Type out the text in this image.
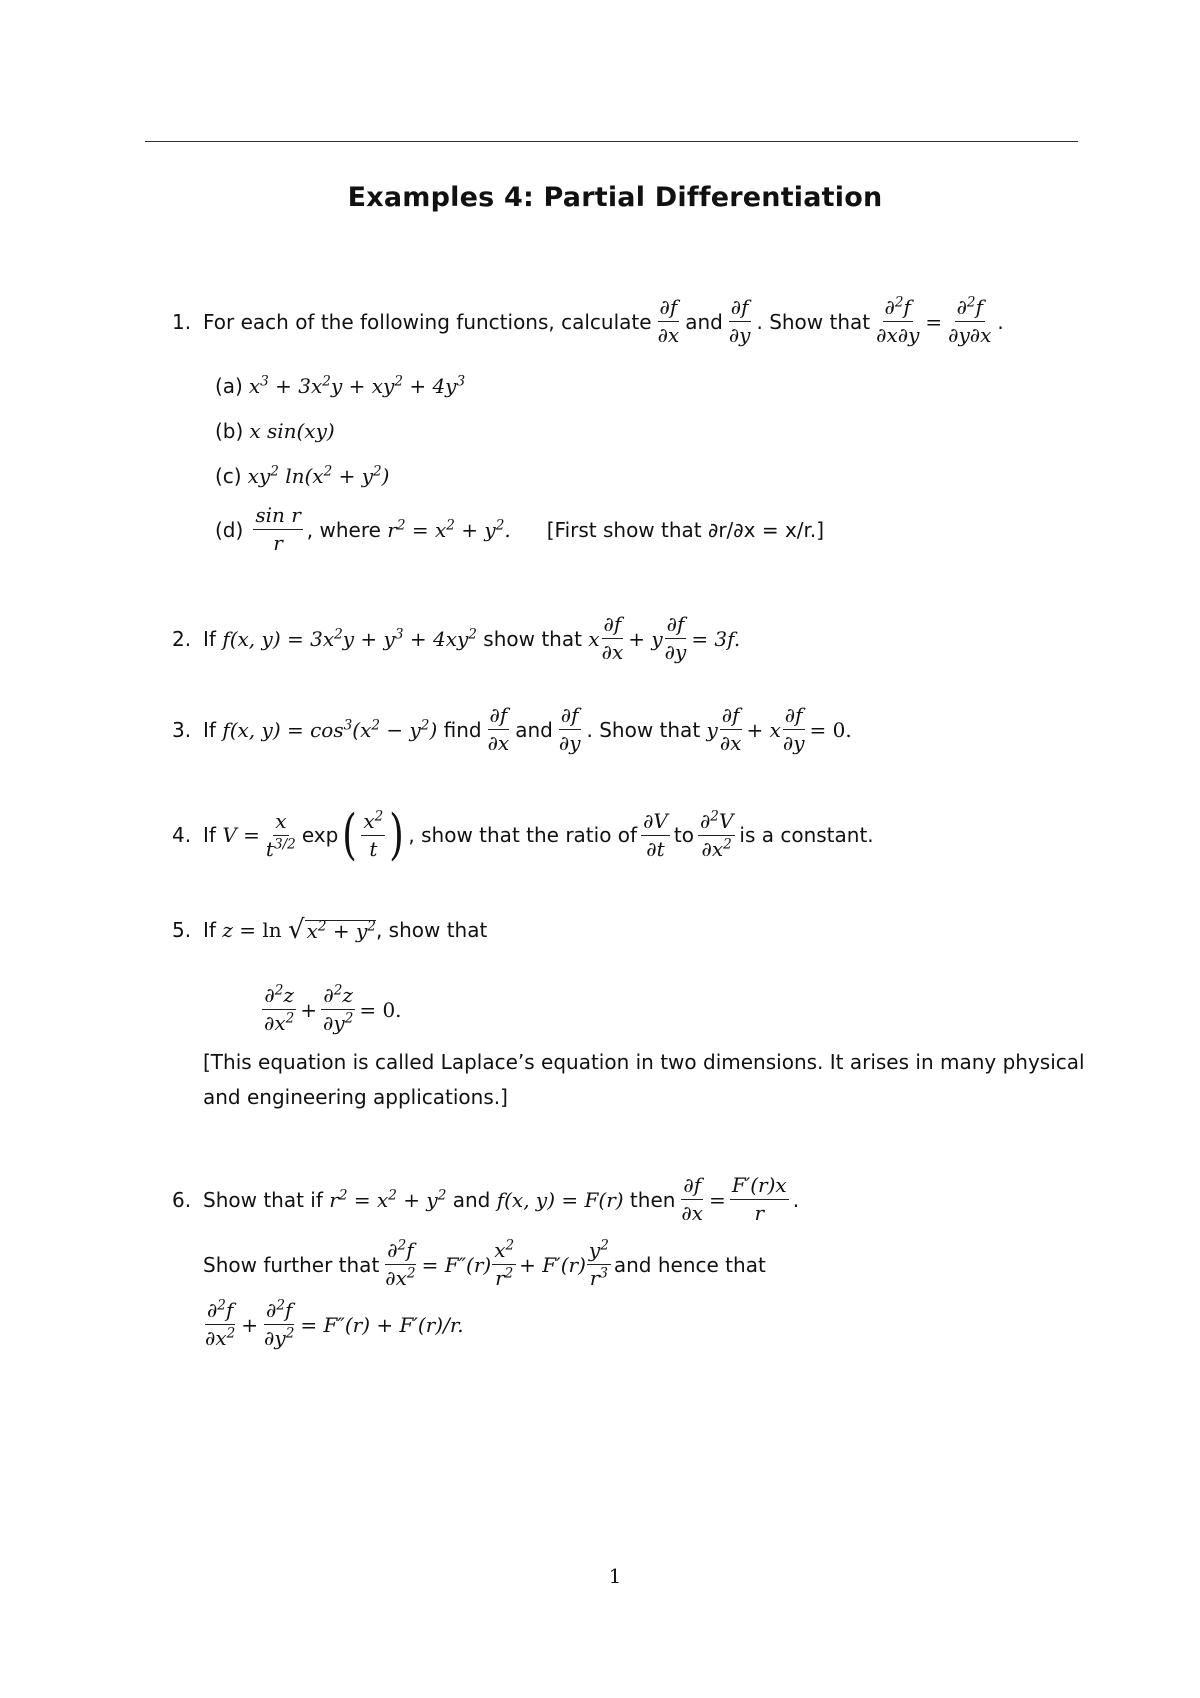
Examples 4: Partial Differentiation
1. For each of the following functions, calculate $\frac{\partial f}{\partial x}$ and $\frac{\partial f}{\partial y}$ . Show that $\frac{\partial^2f}{\partial x\partial y} = \frac{\partial^2f}{\partial y\partial x}$ .
(a) $x^3 + 3x^2y + xy^2 + 4y^3$
(b) x sin(xy)
(c) $xy^2$ $\ln(x^2 + y^2)$
$(d) \frac{\text{sin r}}{r}$ , where
$r^2 = x^2 + y^2$. [First show that ∂r/∂x = x/r.]
2. If
f(x, $y) = 3x^2y + y^3 + 4xy^2$
show that
x $\frac{\partial f}{\partial x}$ +
y $\frac{\partial f}{\partial y} = 3f$.
3. If
f(x, $y) = \cos^3(x^2 - y^2)$
find $\frac{\partial f}{\partial x}$ and $\frac{\partial f}{\partial y}$ . Show that
y $\frac{\partial f}{\partial x}$ +
x $\frac{\partial f}{\partial y} = 0$.
4. If
V
= $\frac{x}{t^{3/2}}$ exp ( $\frac{x^2}{t}$ ) , show that the ratio of $\frac{\partial V}{\partial t}$ to $\frac{\partial^2V}{\partial x^2}$ is a constant.
5. If
z
= ln
√ $x^2 + y^2$ , show that
$\frac{\partial^2z}{\partial x^2} + \frac{\partial^2z}{\partial y^2} = 0$.
[This equation is called Laplace’s equation in two dimensions. It arises in many physical
and engineering applications.]
6. Show that if
$r^2 = x^2 + y^2$
and
f(x, y) = F(r)
then $\frac{\partial f}{\partial x} = \frac{F'(r)x}{r}$ .
Show further that $\frac{\partial^2f}{\partial x^2}$ =
$F''(r) \frac{x^2}{r^2}$ +
$F'(r) \frac{y^2}{r^3}$ and hence that
$\frac{\partial^2f}{\partial x^2} + \frac{\partial^2f}{\partial y^2}$ =
F″(r) + F′(r)/r.
1
